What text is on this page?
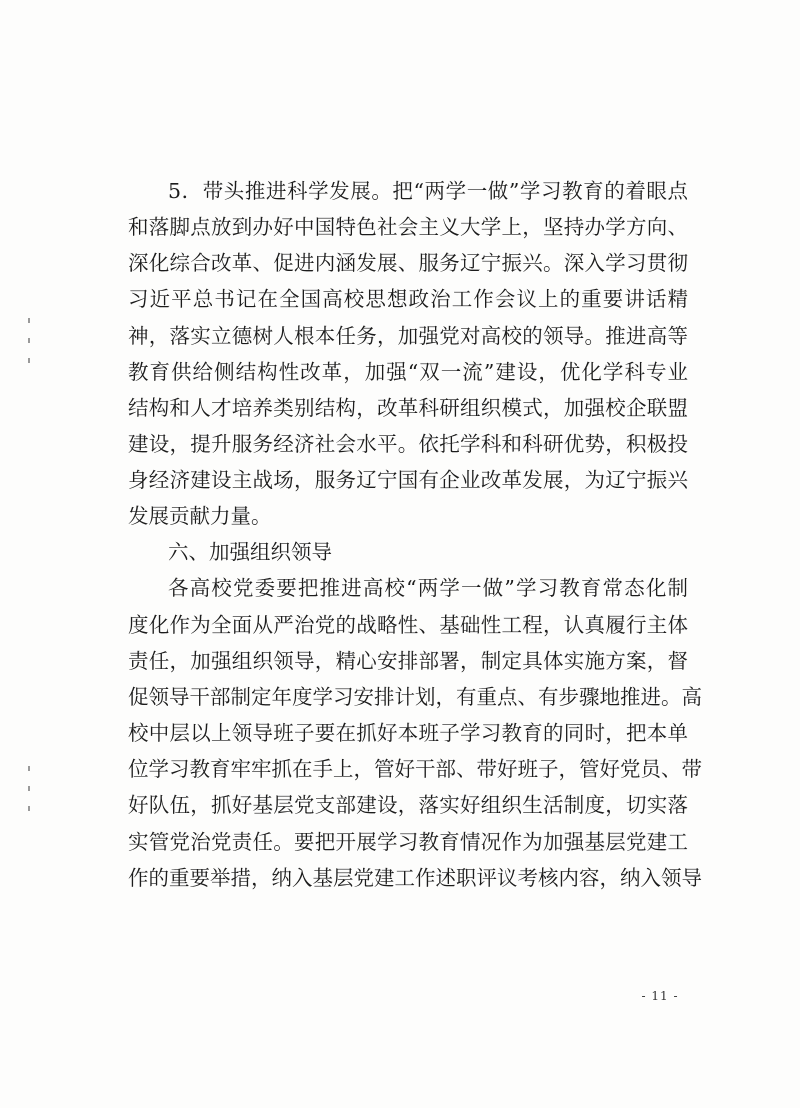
5．带头推进科学发展。把“两学一做”学习教育的着眼点
和落脚点放到办好中国特色社会主义大学上，坚持办学方向、
深化综合改革、促进内涵发展、服务辽宁振兴。深入学习贯彻
习近平总书记在全国高校思想政治工作会议上的重要讲话精
神，落实立德树人根本任务，加强党对高校的领导。推进高等
教育供给侧结构性改革，加强“双一流”建设，优化学科专业
结构和人才培养类别结构，改革科研组织模式，加强校企联盟
建设，提升服务经济社会水平。依托学科和科研优势，积极投
身经济建设主战场，服务辽宁国有企业改革发展，为辽宁振兴
发展贡献力量。
六、加强组织领导
各高校党委要把推进高校“两学一做”学习教育常态化制
度化作为全面从严治党的战略性、基础性工程，认真履行主体
责任，加强组织领导，精心安排部署，制定具体实施方案，督
促领导干部制定年度学习安排计划，有重点、有步骤地推进。高
校中层以上领导班子要在抓好本班子学习教育的同时，把本单
位学习教育牢牢抓在手上，管好干部、带好班子，管好党员、带
好队伍，抓好基层党支部建设，落实好组织生活制度，切实落
实管党治党责任。要把开展学习教育情况作为加强基层党建工
作的重要举措，纳入基层党建工作述职评议考核内容，纳入领导
- 11 -
